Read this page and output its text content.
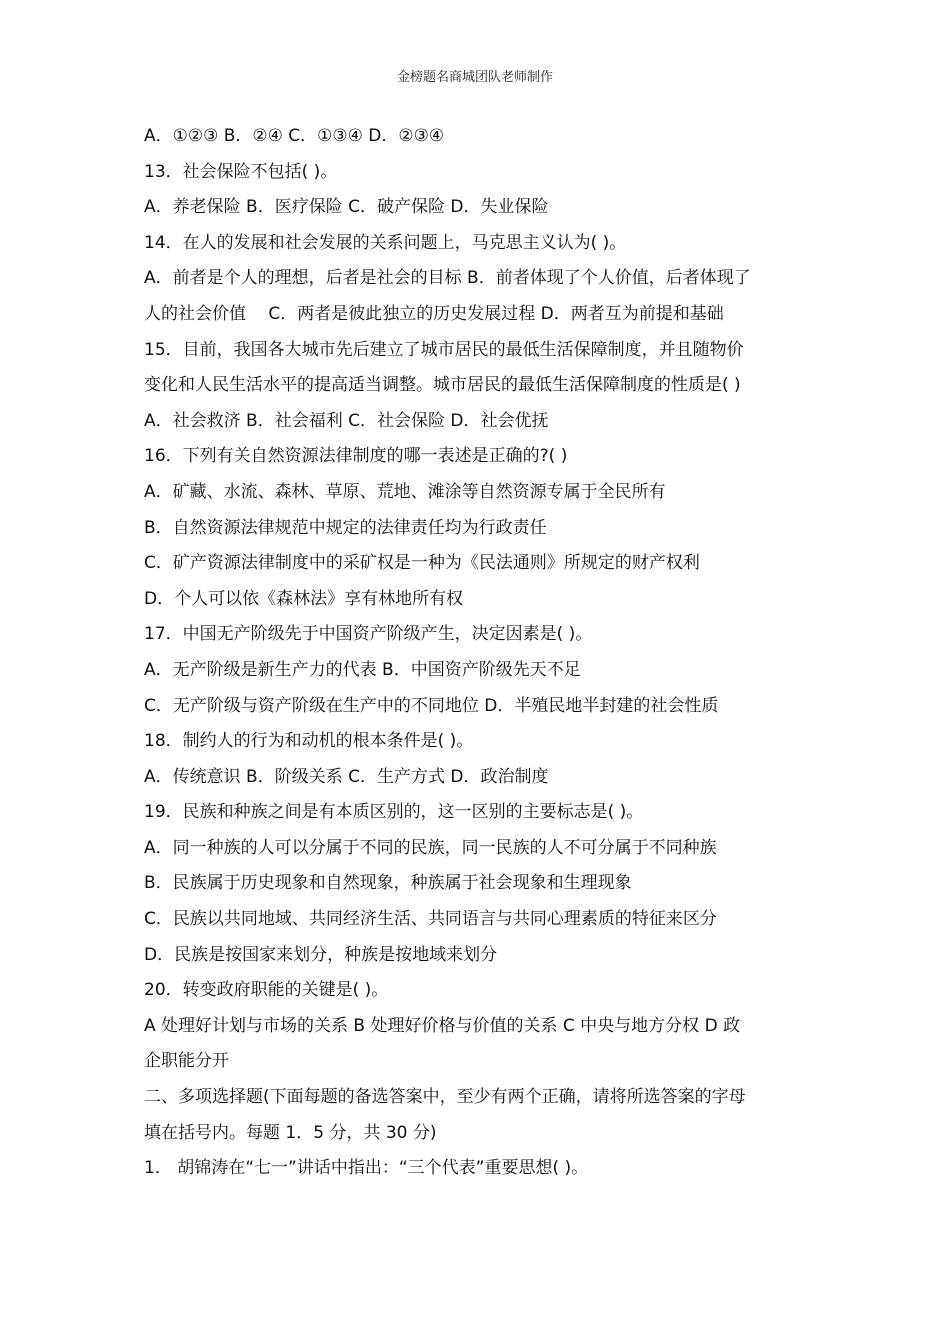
金榜题名商城团队老师制作
A．①②③ B．②④ C．①③④ D．②③④
13．社会保险不包括( )。
A．养老保险 B．医疗保险 C．破产保险 D．失业保险
14．在人的发展和社会发展的关系问题上，马克思主义认为( )。
A．前者是个人的理想，后者是社会的目标 B．前者体现了个人价值，后者体现了
人的社会价值　 C．两者是彼此独立的历史发展过程 D．两者互为前提和基础
15．目前，我国各大城市先后建立了城市居民的最低生活保障制度，并且随物价
变化和人民生活水平的提高适当调整。城市居民的最低生活保障制度的性质是( )
A．社会救济 B．社会福利 C．社会保险 D．社会优抚
16．下列有关自然资源法律制度的哪一表述是正确的?( )
A．矿藏、水流、森林、草原、荒地、滩涂等自然资源专属于全民所有
B．自然资源法律规范中规定的法律责任均为行政责任
C．矿产资源法律制度中的采矿权是一种为《民法通则》所规定的财产权利
D．个人可以依《森林法》享有林地所有权
17．中国无产阶级先于中国资产阶级产生，决定因素是( )。
A．无产阶级是新生产力的代表 B．中国资产阶级先天不足
C．无产阶级与资产阶级在生产中的不同地位 D．半殖民地半封建的社会性质
18．制约人的行为和动机的根本条件是( )。
A．传统意识 B．阶级关系 C．生产方式 D．政治制度
19．民族和种族之间是有本质区别的，这一区别的主要标志是( )。
A．同一种族的人可以分属于不同的民族，同一民族的人不可分属于不同种族
B．民族属于历史现象和自然现象，种族属于社会现象和生理现象
C．民族以共同地域、共同经济生活、共同语言与共同心理素质的特征来区分
D．民族是按国家来划分，种族是按地域来划分
20．转变政府职能的关键是( )。
A 处理好计划与市场的关系 B 处理好价格与价值的关系 C 中央与地方分权 D 政
企职能分开
二、多项选择题(下面每题的备选答案中，至少有两个正确，请将所选答案的字母
填在括号内。每题 1．5 分，共 30 分)
1． 胡锦涛在“七一”讲话中指出：“三个代表”重要思想( )。
